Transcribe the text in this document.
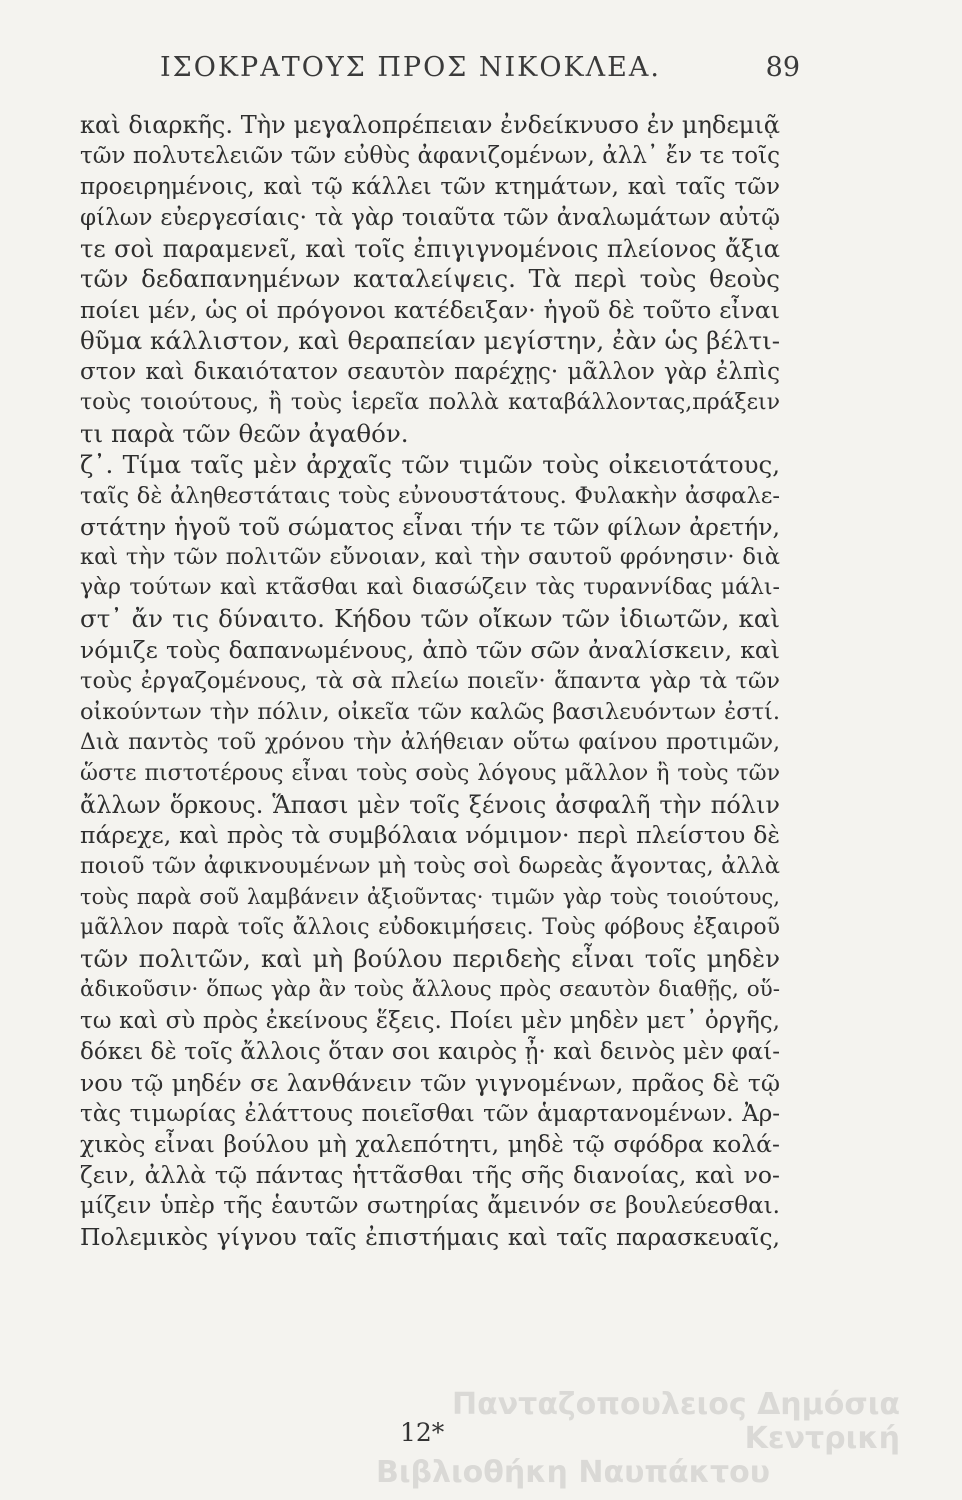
ΙΣΟΚΡΑΤΟΥΣ ΠΡΟΣ ΝΙΚΟΚΛΕΑ.	89
καὶ διαρκῆς. Τὴν μεγαλοπρέπειαν ἐνδείκνυσο ἐν μηδεμιᾷ
τῶν πολυτελειῶν τῶν εὐθὺς ἀφανιζομένων, ἀλλ᾽ ἔν τε τοῖς
προειρημένοις, καὶ τῷ κάλλει τῶν κτημάτων, καὶ ταῖς τῶν
φίλων εὐεργεσίαις· τὰ γὰρ τοιαῦτα τῶν ἀναλωμάτων αὐτῷ
τε σοὶ παραμενεῖ, καὶ τοῖς ἐπιγιγνομένοις πλείονος ἄξια
τῶν δεδαπανημένων καταλείψεις. Τὰ περὶ τοὺς θεοὺς
ποίει μέν, ὡς οἱ πρόγονοι κατέδειξαν· ἡγοῦ δὲ τοῦτο εἶναι
θῦμα κάλλιστον, καὶ θεραπείαν μεγίστην, ἐὰν ὡς βέλτι-
στον καὶ δικαιότατον σεαυτὸν παρέχῃς· μᾶλλον γὰρ ἐλπὶς
τοὺς τοιούτους, ἢ τοὺς ἱερεῖα πολλὰ καταβάλλοντας,πράξειν
τι παρὰ τῶν θεῶν ἀγαθόν.
ζ᾽. Τίμα ταῖς μὲν ἀρχαῖς τῶν τιμῶν τοὺς οἰκειοτάτους,
ταῖς δὲ ἀληθεστάταις τοὺς εὐνουστάτους. Φυλακὴν ἀσφαλε-
στάτην ἡγοῦ τοῦ σώματος εἶναι τήν τε τῶν φίλων ἀρετήν,
καὶ τὴν τῶν πολιτῶν εὔνοιαν, καὶ τὴν σαυτοῦ φρόνησιν· διὰ
γὰρ τούτων καὶ κτᾶσθαι καὶ διασώζειν τὰς τυραννίδας μάλι-
στ᾽ ἄν τις δύναιτο. Κήδου τῶν οἴκων τῶν ἰδιωτῶν, καὶ
νόμιζε τοὺς δαπανωμένους, ἀπὸ τῶν σῶν ἀναλίσκειν, καὶ
τοὺς ἐργαζομένους, τὰ σὰ πλείω ποιεῖν· ἅπαντα γὰρ τὰ τῶν
οἰκούντων τὴν πόλιν, οἰκεῖα τῶν καλῶς βασιλευόντων ἐστί.
Διὰ παντὸς τοῦ χρόνου τὴν ἀλήθειαν οὕτω φαίνου προτιμῶν,
ὥστε πιστοτέρους εἶναι τοὺς σοὺς λόγους μᾶλλον ἢ τοὺς τῶν
ἄλλων ὅρκους. Ἅπασι μὲν τοῖς ξένοις ἀσφαλῆ τὴν πόλιν
πάρεχε, καὶ πρὸς τὰ συμβόλαια νόμιμον· περὶ πλείστου δὲ
ποιοῦ τῶν ἀφικνουμένων μὴ τοὺς σοὶ δωρεὰς ἄγοντας, ἀλλὰ
τοὺς παρὰ σοῦ λαμβάνειν ἀξιοῦντας· τιμῶν γὰρ τοὺς τοιούτους,
μᾶλλον παρὰ τοῖς ἄλλοις εὐδοκιμήσεις. Τοὺς φόβους ἐξαιροῦ
τῶν πολιτῶν, καὶ μὴ βούλου περιδεὴς εἶναι τοῖς μηδὲν
ἀδικοῦσιν· ὅπως γὰρ ἂν τοὺς ἄλλους πρὸς σεαυτὸν διαθῇς, οὕ-
τω καὶ σὺ πρὸς ἐκείνους ἕξεις. Ποίει μὲν μηδὲν μετ᾽ ὀργῆς,
δόκει δὲ τοῖς ἄλλοις ὅταν σοι καιρὸς ᾖ· καὶ δεινὸς μὲν φαί-
νου τῷ μηδέν σε λανθάνειν τῶν γιγνομένων, πρᾶος δὲ τῷ
τὰς τιμωρίας ἐλάττους ποιεῖσθαι τῶν ἁμαρτανομένων. Ἀρ-
χικὸς εἶναι βούλου μὴ χαλεπότητι, μηδὲ τῷ σφόδρα κολά-
ζειν, ἀλλὰ τῷ πάντας ἡττᾶσθαι τῆς σῆς διανοίας, καὶ νο-
μίζειν ὑπὲρ τῆς ἑαυτῶν σωτηρίας ἄμεινόν σε βουλεύεσθαι.
Πολεμικὸς γίγνου ταῖς ἐπιστήμαις καὶ ταῖς παρασκευαῖς,
12*
Πανταζοπουλειος Δημόσια Κεντρική
Βιβλιοθήκη Ναυπάκτου
